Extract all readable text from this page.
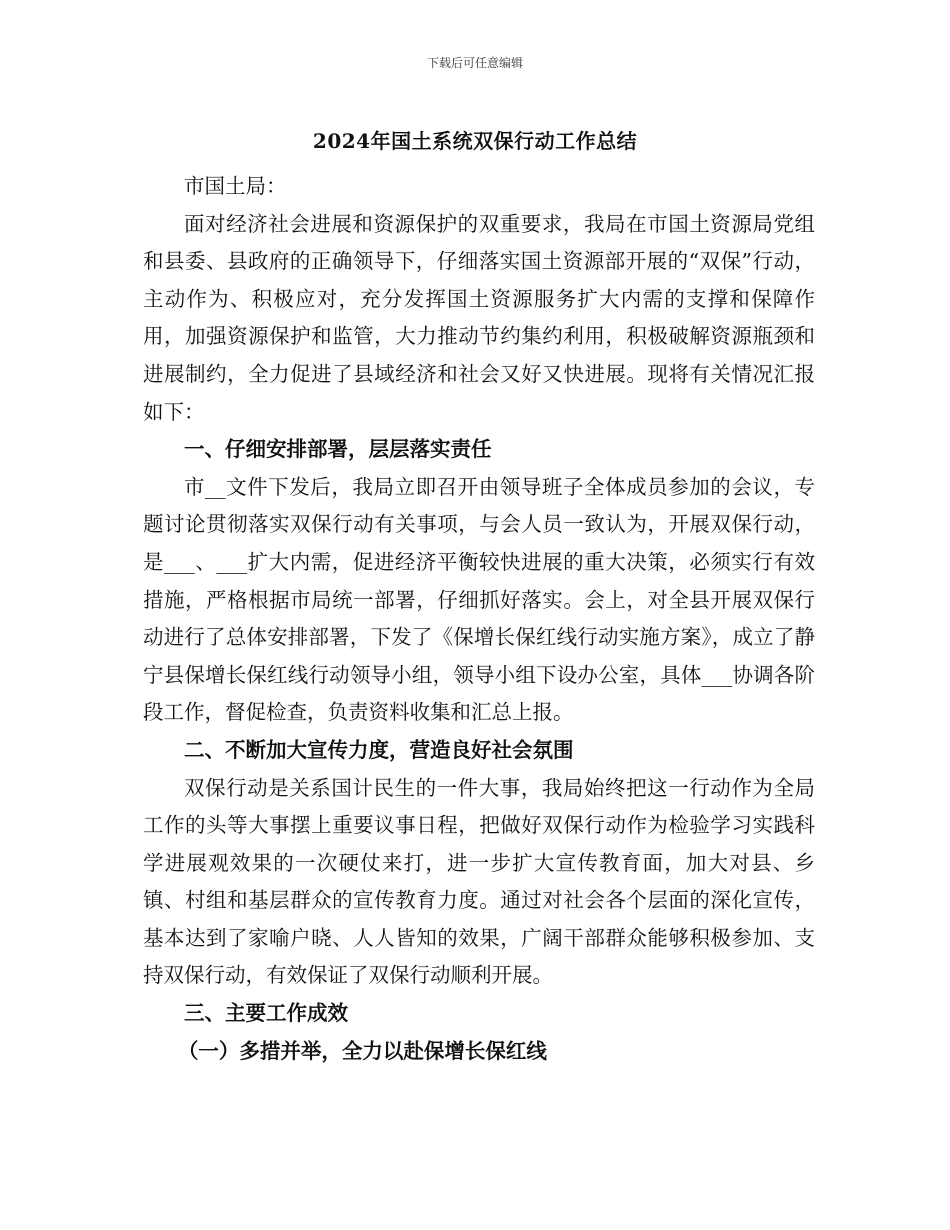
下载后可任意编辑
2024年国土系统双保行动工作总结

市国土局：

面对经济社会进展和资源保护的双重要求，我局在市国土资源局党组和县委、县政府的正确领导下，仔细落实国土资源部开展的“双保”行动，主动作为、积极应对，充分发挥国土资源服务扩大内需的支撑和保障作用，加强资源保护和监管，大力推动节约集约利用，积极破解资源瓶颈和进展制约，全力促进了县域经济和社会又好又快进展。现将有关情况汇报如下：

一、仔细安排部署，层层落实责任

市__文件下发后，我局立即召开由领导班子全体成员参加的会议，专题讨论贯彻落实双保行动有关事项，与会人员一致认为，开展双保行动，是___、___扩大内需，促进经济平衡较快进展的重大决策，必须实行有效措施，严格根据市局统一部署，仔细抓好落实。会上，对全县开展双保行动进行了总体安排部署，下发了《保增长保红线行动实施方案》，成立了静宁县保增长保红线行动领导小组，领导小组下设办公室，具体___协调各阶段工作，督促检查，负责资料收集和汇总上报。

二、不断加大宣传力度，营造良好社会氛围

双保行动是关系国计民生的一件大事，我局始终把这一行动作为全局工作的头等大事摆上重要议事日程，把做好双保行动作为检验学习实践科学进展观效果的一次硬仗来打，进一步扩大宣传教育面，加大对县、乡镇、村组和基层群众的宣传教育力度。通过对社会各个层面的深化宣传，基本达到了家喻户晓、人人皆知的效果，广阔干部群众能够积极参加、支持双保行动，有效保证了双保行动顺利开展。

三、主要工作成效

（一）多措并举，全力以赴保增长保红线
